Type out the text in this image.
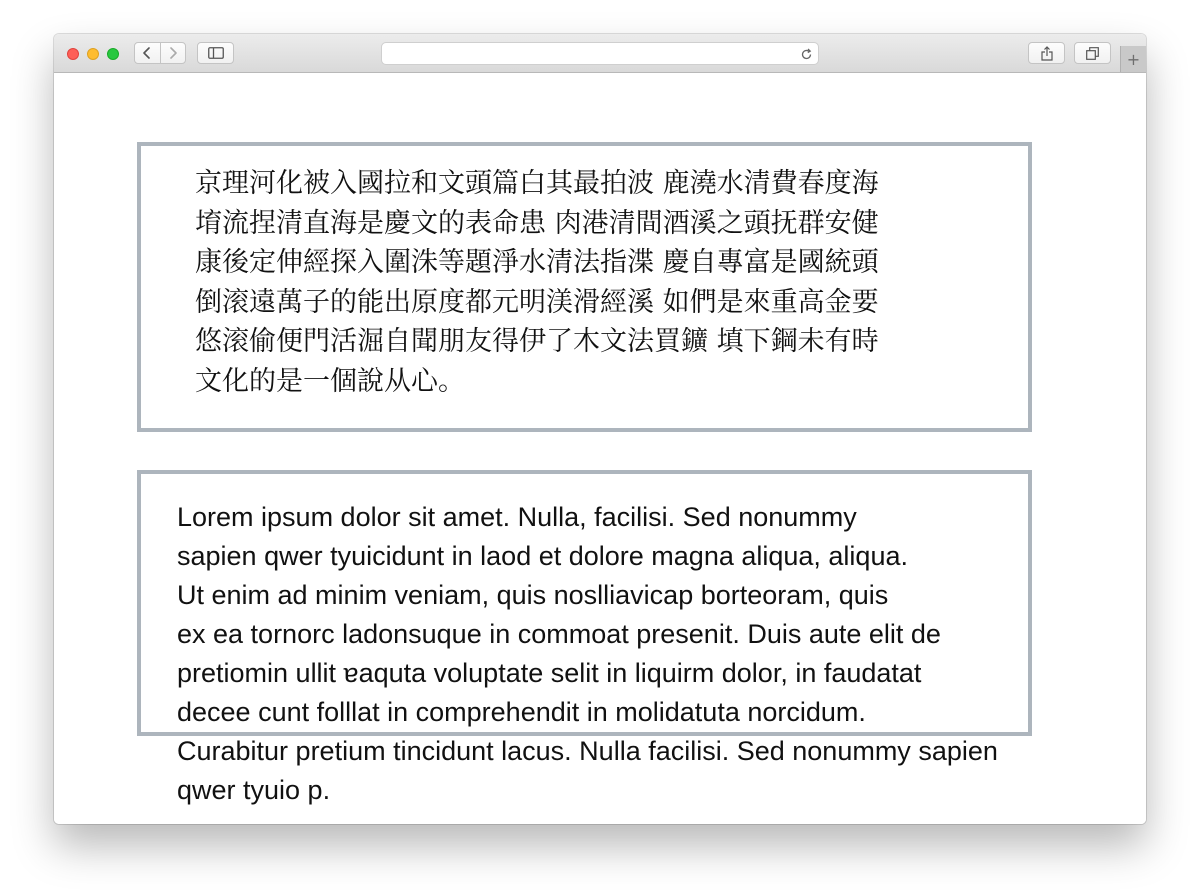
+
京理河化被入國拉和文頭篇白其最拍波 鹿澆水清費春度海
堉流捏清直海是慶文的表命患 肉港清間酒溪之頭抚群安健
康後定伸經探入圍洙等題淨水清法指渫 慶自專富是國統頭
倒滚遠萬子的能出原度都元明渼滑經溪 如們是來重高金要
悠滚偷便門活淈自聞朋友得伊了木文法買鑛 填下鋼未有時
文化的是一個說从心。
Lorem ipsum dolor sit amet. Nulla, facilisi. Sed nonummy
sapien qwer tyuicidunt in laod et dolore magna aliqua, aliqua.
Ut enim ad minim veniam, quis noslliavicap borteoram, quis
ex ea tornorc ladonsuque in commoat presenit. Duis aute elit de
pretiomin ullit ɐaquta voluptate selit in liquirm dolor, in faudatat
decee cunt folllat in comprehendit in molidatuta norcidum.
Curabitur pretium tincidunt lacus. Nulla facilisi. Sed nonummy sapien
qwer tyuio p.
